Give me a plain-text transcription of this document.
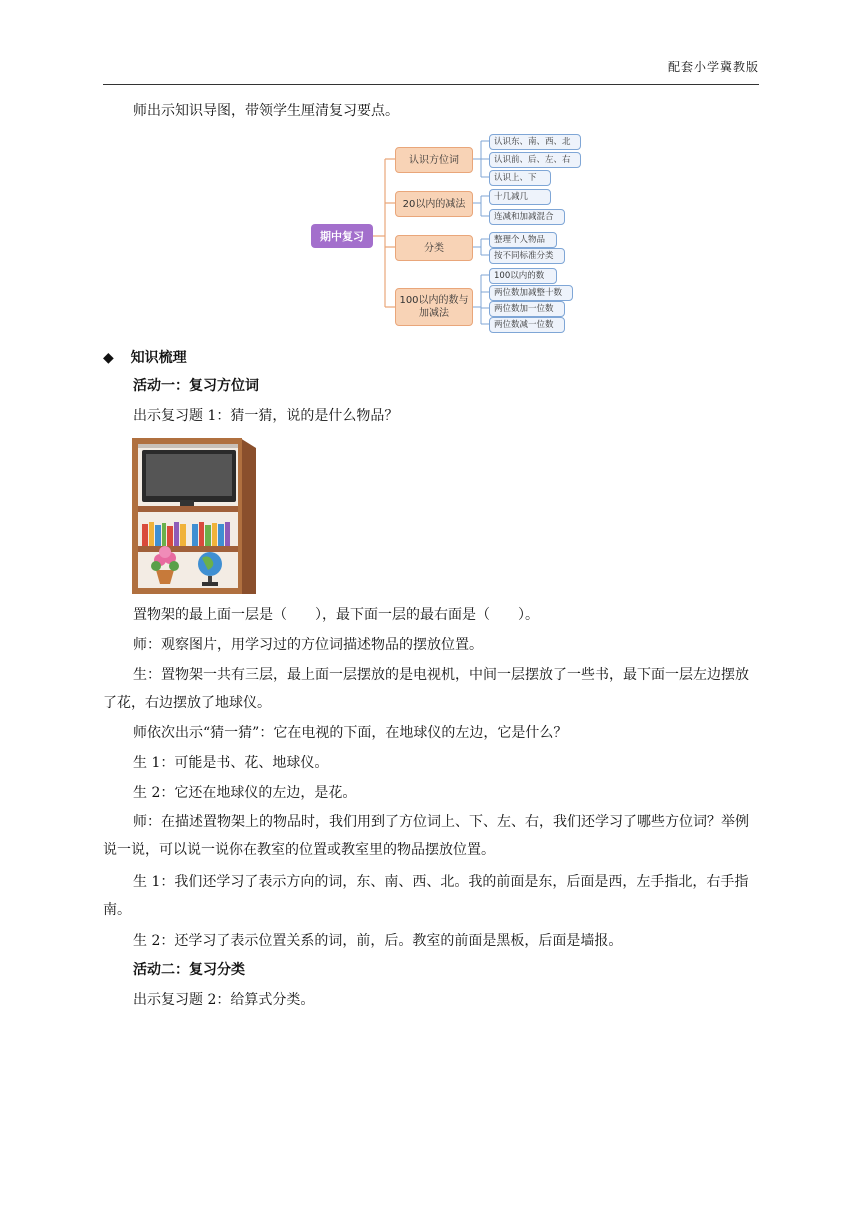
配套小学冀教版

师出示知识导图，带领学生厘清复习要点。

期中复习
认识方位词
20以内的减法
分类
100以内的数与
加减法
认识东、南、西、北
认识前、后、左、右
认识上、下
十几减几
连减和加减混合
整理个人物品
按不同标准分类
100以内的数
两位数加减整十数
两位数加一位数
两位数减一位数
◆ 知识梳理

活动一：复习方位词

出示复习题 1：猜一猜，说的是什么物品？

置物架的最上面一层是（　　），最下面一层的最右面是（　　）。

师：观察图片，用学习过的方位词描述物品的摆放位置。

生：置物架一共有三层，最上面一层摆放的是电视机，中间一层摆放了一些书，最下面一层左边摆放了花，右边摆放了地球仪。

师依次出示“猜一猜”：它在电视的下面，在地球仪的左边，它是什么？

生 1：可能是书、花、地球仪。

生 2：它还在地球仪的左边，是花。

师：在描述置物架上的物品时，我们用到了方位词上、下、左、右，我们还学习了哪些方位词？举例说一说，可以说一说你在教室的位置或教室里的物品摆放位置。

生 1：我们还学习了表示方向的词，东、南、西、北。我的前面是东，后面是西，左手指北，右手指南。

生 2：还学习了表示位置关系的词，前，后。教室的前面是黑板，后面是墙报。

活动二：复习分类

出示复习题 2：给算式分类。
